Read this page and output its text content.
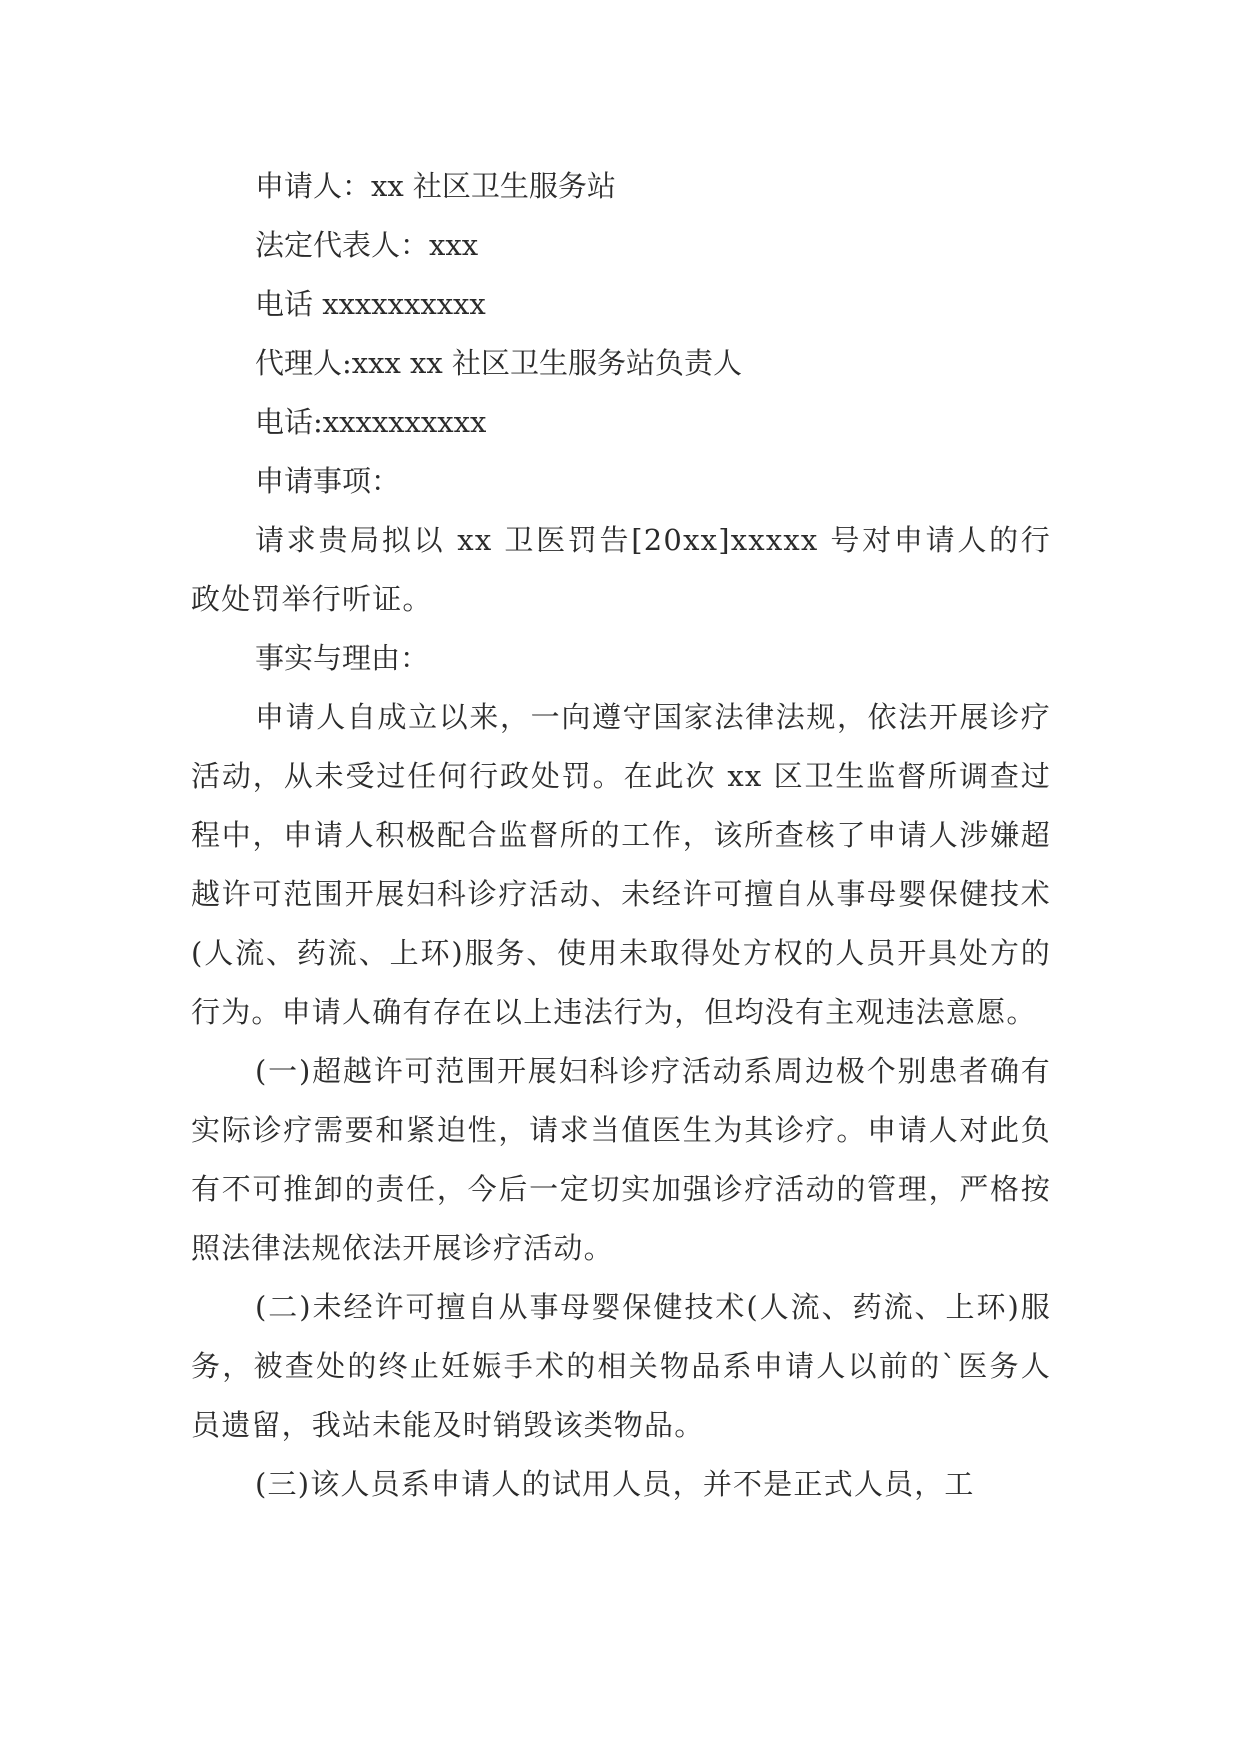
申请人：xx 社区卫生服务站

法定代表人：xxx

电话 xxxxxxxxxx

代理人:xxx xx 社区卫生服务站负责人

电话:xxxxxxxxxx

申请事项：

请求贵局拟以 xx 卫医罚告[20xx]xxxxx 号对申请人的行政处罚举行听证。

事实与理由：

申请人自成立以来，一向遵守国家法律法规，依法开展诊疗活动，从未受过任何行政处罚。在此次 xx 区卫生监督所调查过程中，申请人积极配合监督所的工作，该所查核了申请人涉嫌超越许可范围开展妇科诊疗活动、未经许可擅自从事母婴保健技术(人流、药流、上环)服务、使用未取得处方权的人员开具处方的行为。申请人确有存在以上违法行为，但均没有主观违法意愿。

(一)超越许可范围开展妇科诊疗活动系周边极个别患者确有实际诊疗需要和紧迫性，请求当值医生为其诊疗。申请人对此负有不可推卸的责任，今后一定切实加强诊疗活动的管理，严格按照法律法规依法开展诊疗活动。

(二)未经许可擅自从事母婴保健技术(人流、药流、上环)服务，被查处的终止妊娠手术的相关物品系申请人以前的`医务人员遗留，我站未能及时销毁该类物品。

(三)该人员系申请人的试用人员，并不是正式人员，工
